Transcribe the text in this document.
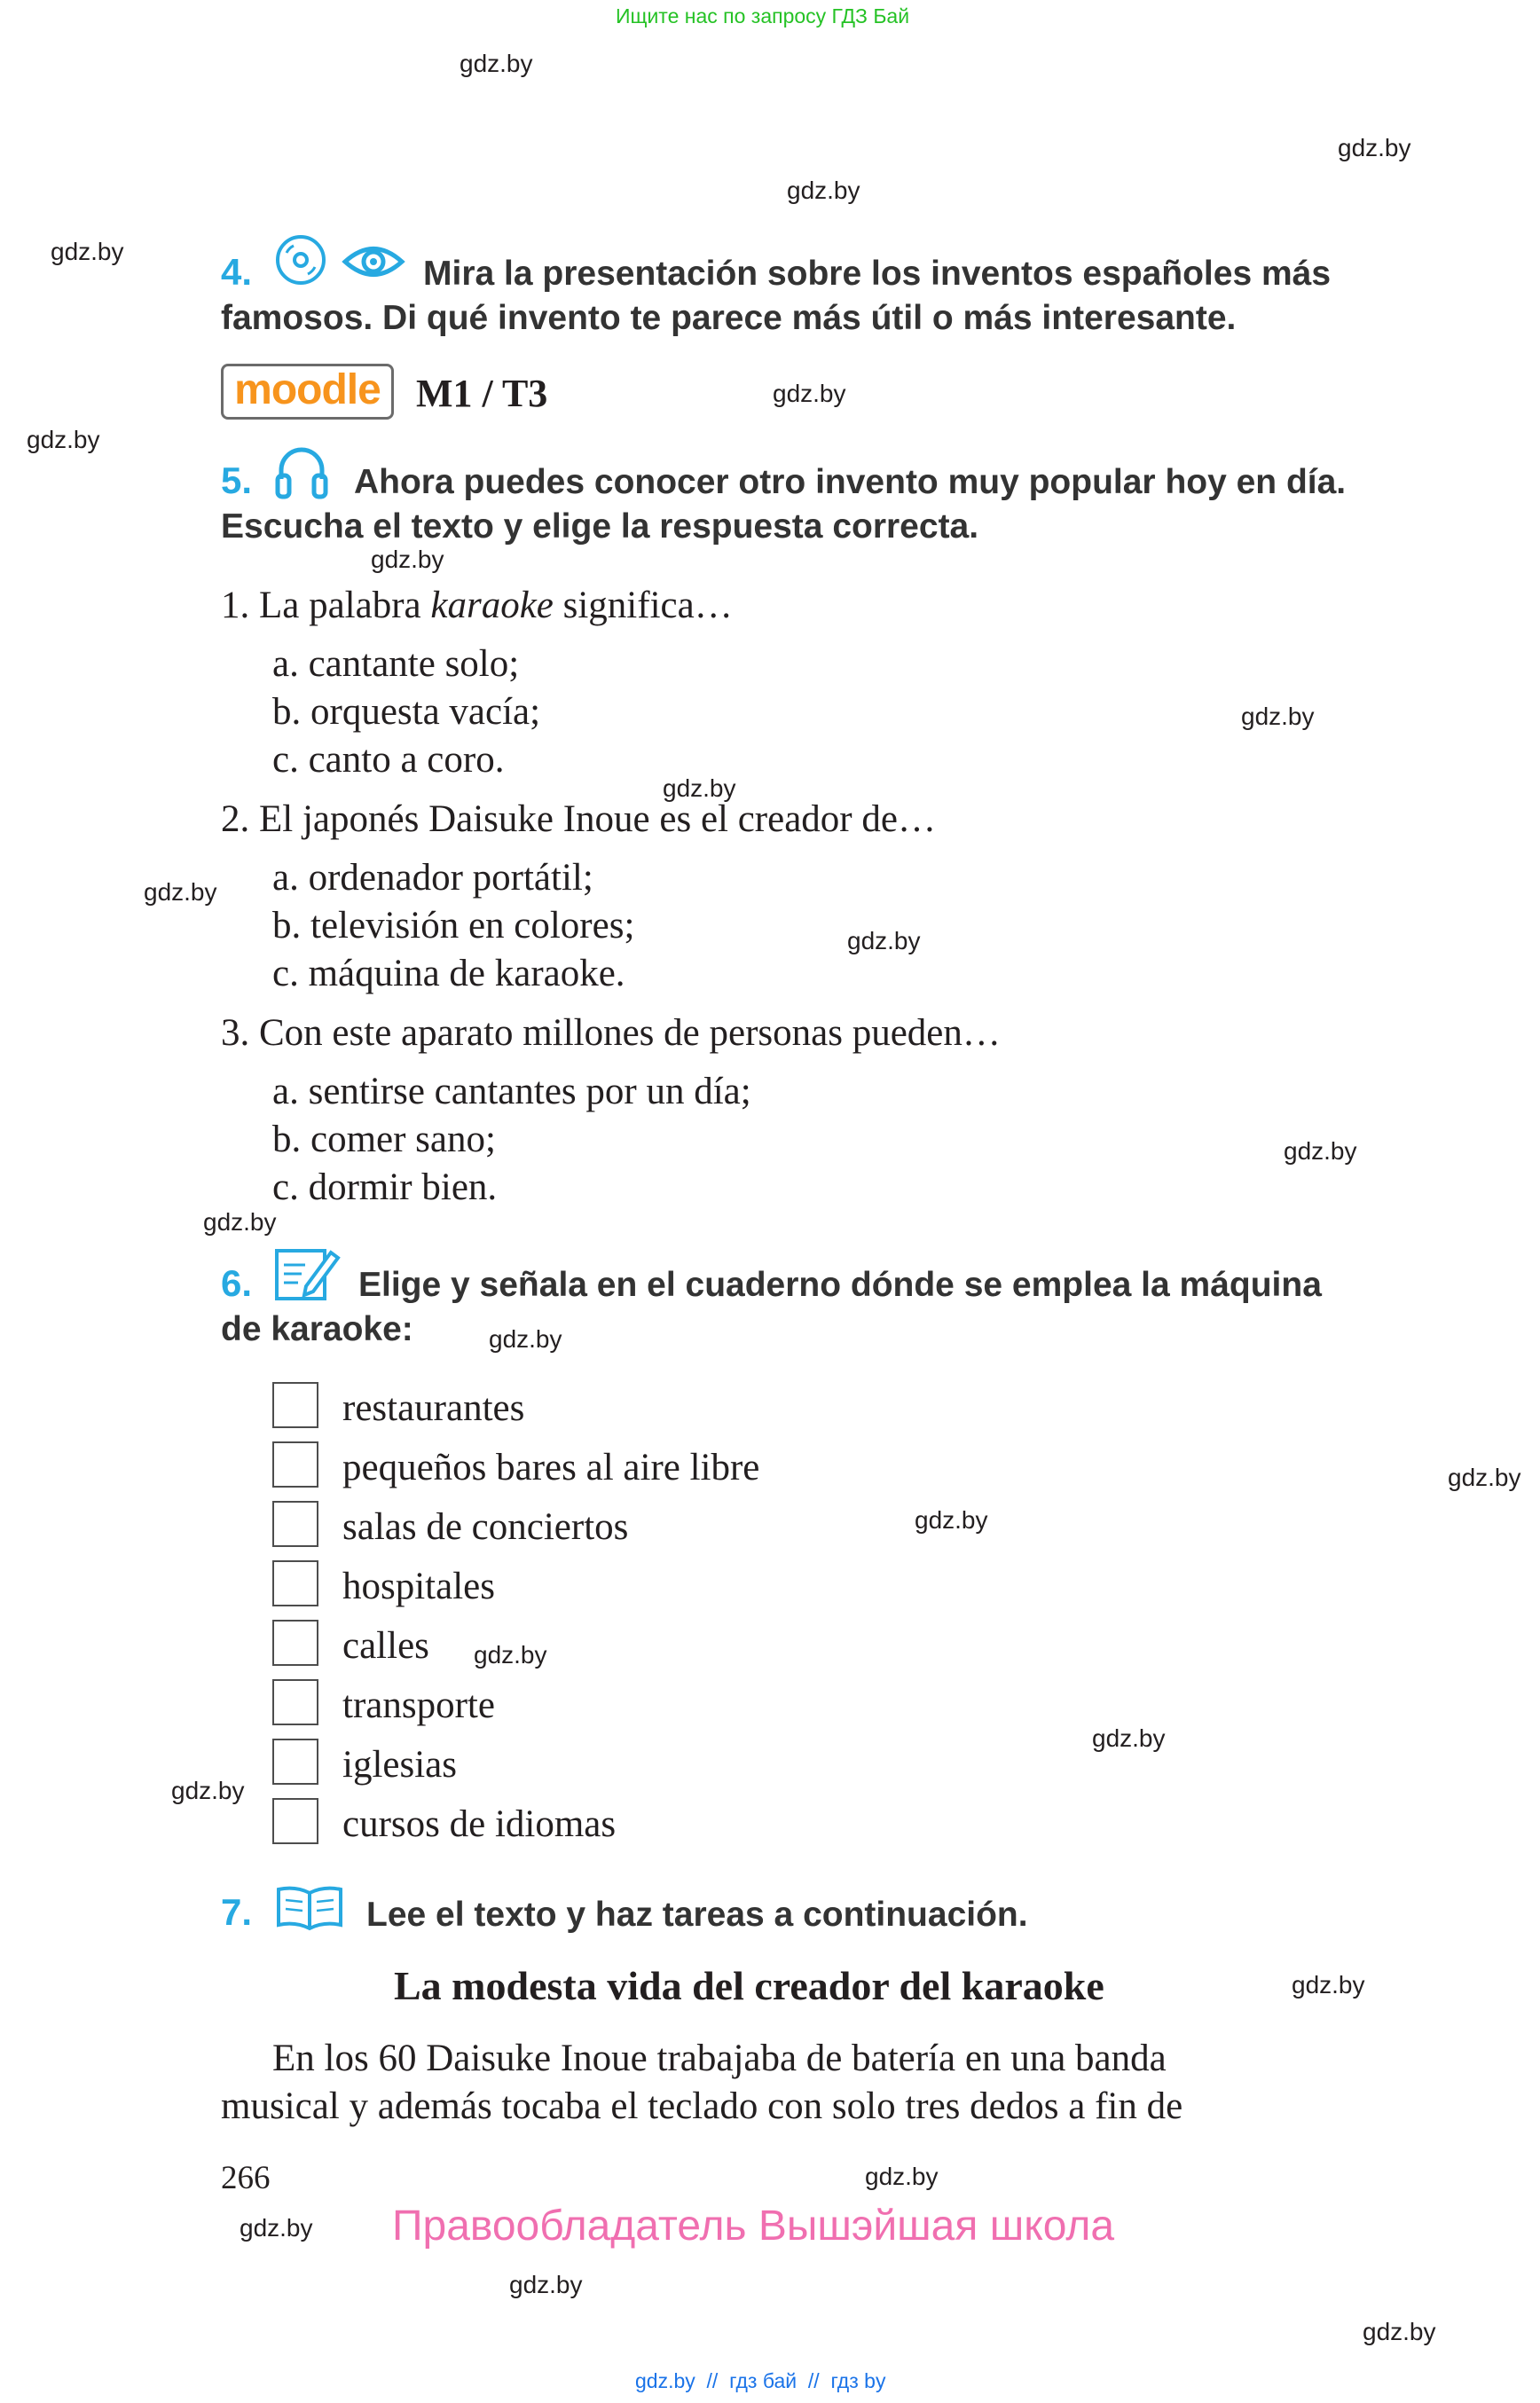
Ищите нас по запросу ГДЗ Бай
gdz.by
gdz.by
gdz.by
gdz.by
gdz.by
gdz.by
gdz.by
gdz.by
gdz.by
gdz.by
gdz.by
gdz.by
gdz.by
gdz.by
gdz.by
gdz.by
gdz.by
gdz.by
gdz.by
gdz.by
gdz.by
gdz.by
gdz.by
gdz.by
4.	Mira la presentación sobre los inventos españoles más
famosos. Di qué invento te parece más útil o más interesante.
moodle M1 / T3
5.	Ahora puedes conocer otro invento muy popular hoy en día.
Escucha el texto y elige la respuesta correcta.
1. La palabra karaoke significa…
a. cantante solo;
b. orquesta vacía;
c. canto a coro.
2. El japonés Daisuke Inoue es el creador de…
a. ordenador portátil;
b. televisión en colores;
c. máquina de karaoke.
3. Con este aparato millones de personas pueden…
a. sentirse cantantes por un día;
b. comer sano;
c. dormir bien.
6.	Elige y señala en el cuaderno dónde se emplea la máquina
de karaoke:
restaurantes
pequeños bares al aire libre
salas de conciertos
hospitales
calles
transporte
iglesias
cursos de idiomas
7.	Lee el texto y haz tareas a continuación.
La modesta vida del creador del karaoke
En los 60 Daisuke Inoue trabajaba de batería en una banda
musical y además tocaba el teclado con solo tres dedos a fin de
266
Правообладатель Вышэйшая школа
gdz.by  //  гдз бай  //  гдз by
